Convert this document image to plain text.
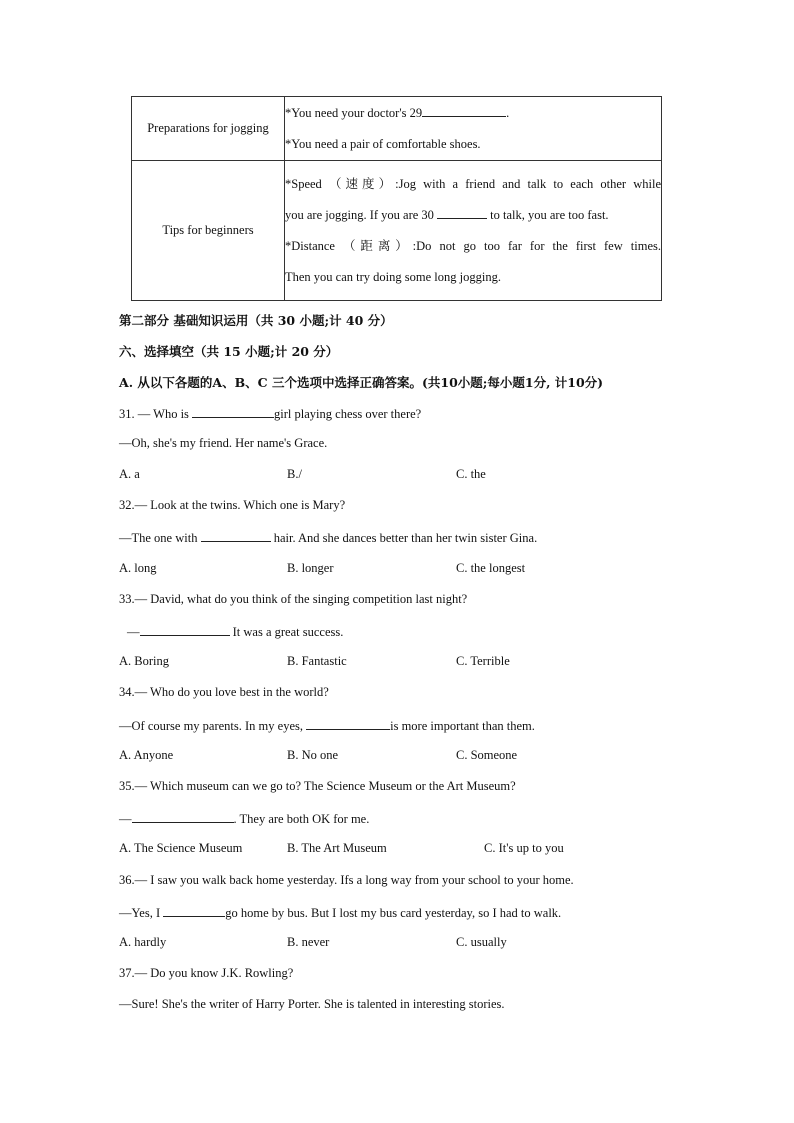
Preparations for jogging	*You need your doctor's 29 .
*You need a pair of comfortable shoes.

Tips for beginners	*Speed （速度）:Jog with a friend and talk to each other while
you are jogging. If you are 30 to talk, you are too fast.
*Distance （距离）:Do not go too far for the first few times.
Then you can try doing some long jogging.
第二部分 基础知识运用（共 30 小题;计 40 分）
六、选择填空（共 15 小题;计 20 分）
A. 从以下各题的A、B、C 三个选项中选择正确答案。(共10小题;每小题1分, 计10分)
31. — Who is	girl playing chess over there?
—Oh, she's my friend. Her name's Grace.
A. a	B./	C. the
32.— Look at the twins. Which one is Mary?
—The one with	hair. And she dances better than her twin sister Gina.
A. long	B. longer	C. the longest
33.— David, what do you think of the singing competition last night?
—	It was a great success.
A. Boring	B. Fantastic	C. Terrible
34.— Who do you love best in the world?
—Of course my parents. In my eyes,	is more important than them.
A. Anyone	B. No one	C. Someone
35.— Which museum can we go to? The Science Museum or the Art Museum?
—	. They are both OK for me.
A. The Science Museum	B. The Art Museum	C. It's up to you
36.— I saw you walk back home yesterday. Ifs a long way from your school to your home.
—Yes, I	go home by bus. But I lost my bus card yesterday, so I had to walk.
A. hardly	B. never	C. usually
37.— Do you know J.K. Rowling?
—Sure! She's the writer of Harry Porter. She is talented in interesting stories.
